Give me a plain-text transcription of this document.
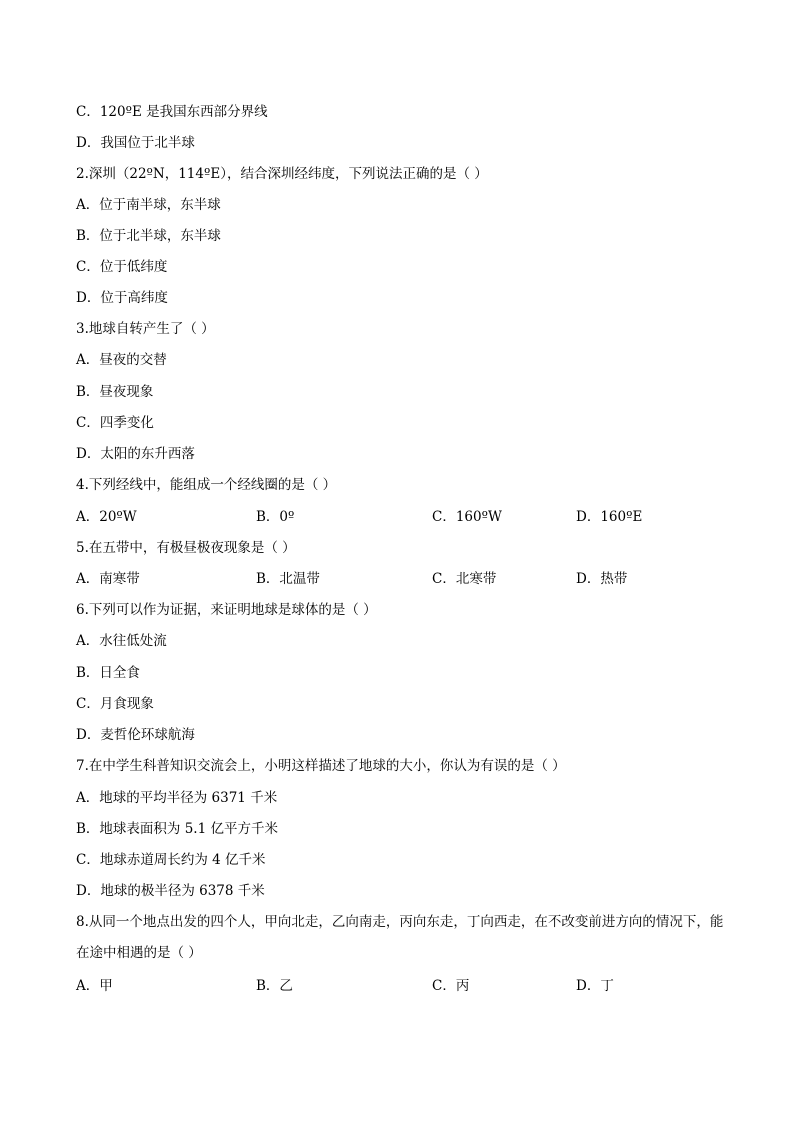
C．120ºE 是我国东西部分界线
D．我国位于北半球
2.深圳（22ºN，114ºE），结合深圳经纬度，下列说法正确的是（ ）
A．位于南半球，东半球
B．位于北半球，东半球
C．位于低纬度
D．位于高纬度
3.地球自转产生了（ ）
A．昼夜的交替
B．昼夜现象
C．四季变化
D．太阳的东升西落
4.下列经线中，能组成一个经线圈的是（ ）
A．20ºW	B．0º	C．160ºW	D．160ºE
5.在五带中，有极昼极夜现象是（ ）
A．南寒带	B．北温带	C．北寒带	D．热带
6.下列可以作为证据，来证明地球是球体的是（ ）
A．水往低处流
B．日全食
C．月食现象
D．麦哲伦环球航海
7.在中学生科普知识交流会上，小明这样描述了地球的大小，你认为有误的是（ ）
A．地球的平均半径为 6371 千米
B．地球表面积为 5.1 亿平方千米
C．地球赤道周长约为 4 亿千米
D．地球的极半径为 6378 千米
8.从同一个地点出发的四个人，甲向北走，乙向南走，丙向东走，丁向西走，在不改变前进方向的情况下，能在途中相遇的是（ ）
A．甲	B．乙	C．丙	D．丁
